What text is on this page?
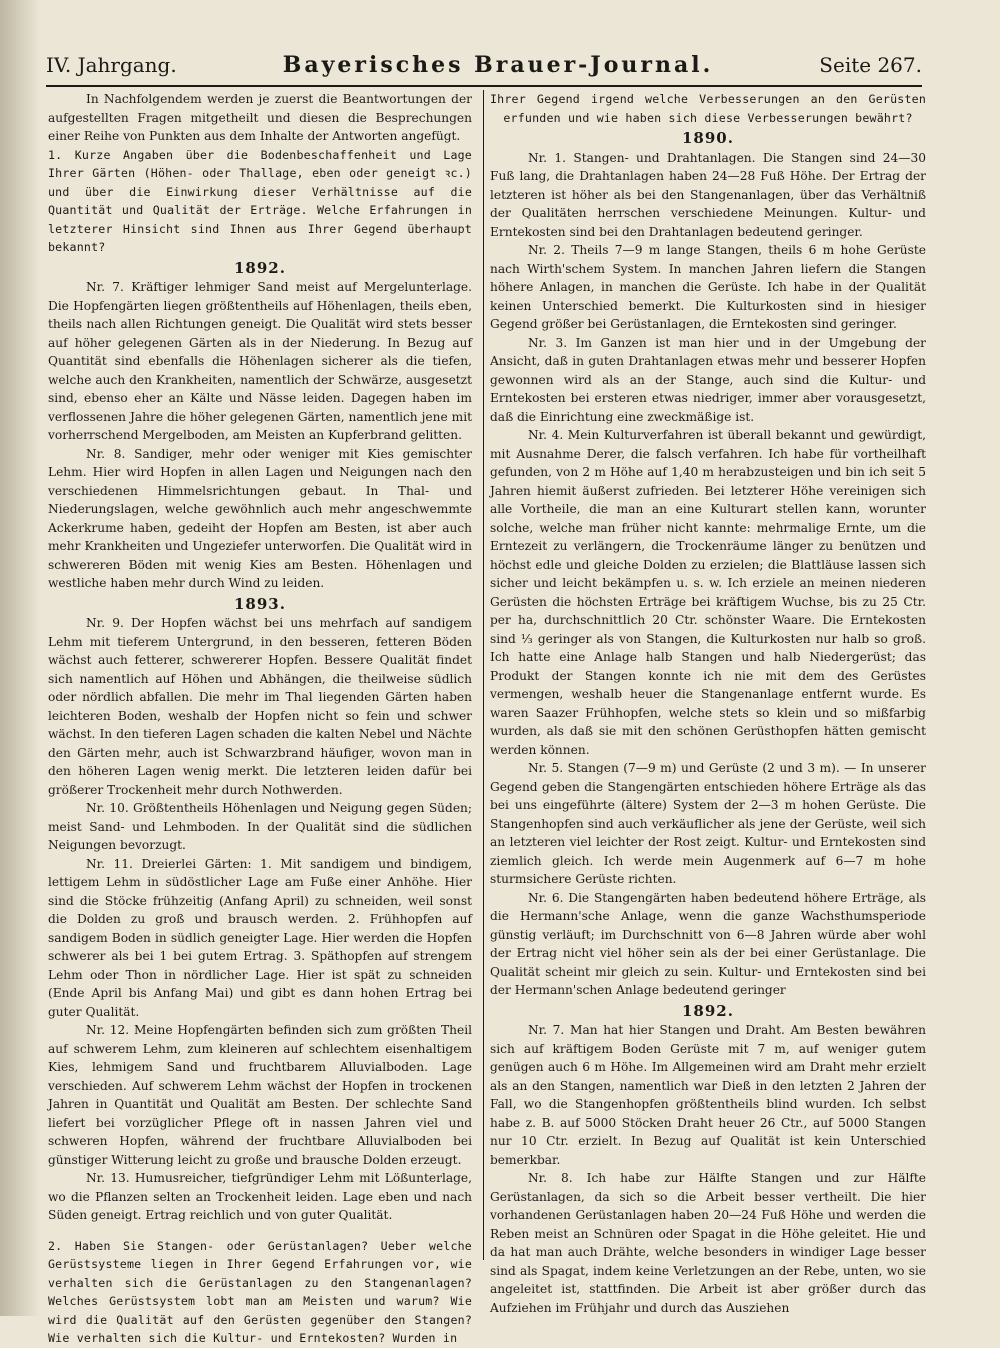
IV. Jahrgang.	Bayerisches Brauer-Journal.	Seite 267.

In Nachfolgendem werden je zuerst die Beantwortungen der aufgestellten Fragen mitgetheilt und diesen die Besprechungen einer Reihe von Punkten aus dem Inhalte der Antworten angefügt.

1. Kurze Angaben über die Bodenbeschaffenheit und Lage Ihrer Gärten (Höhen- oder Thallage, eben oder geneigt ꝛc.) und über die Einwirkung dieser Verhältnisse auf die Quantität und Qualität der Erträge. Welche Erfahrungen in letzterer Hinsicht sind Ihnen aus Ihrer Gegend überhaupt bekannt?

1892.

Nr. 7. Kräftiger lehmiger Sand meist auf Mergelunterlage. Die Hopfengärten liegen größtentheils auf Höhenlagen, theils eben, theils nach allen Richtungen geneigt. Die Qualität wird stets besser auf höher gelegenen Gärten als in der Niederung. In Bezug auf Quantität sind ebenfalls die Höhenlagen sicherer als die tiefen, welche auch den Krankheiten, namentlich der Schwärze, ausgesetzt sind, ebenso eher an Kälte und Nässe leiden. Dagegen haben im verflossenen Jahre die höher gelegenen Gärten, namentlich jene mit vorherrschend Mergelboden, am Meisten an Kupferbrand gelitten.

Nr. 8. Sandiger, mehr oder weniger mit Kies gemischter Lehm. Hier wird Hopfen in allen Lagen und Neigungen nach den verschiedenen Himmelsrichtungen gebaut. In Thal- und Niederungslagen, welche gewöhnlich auch mehr angeschwemmte Ackerkrume haben, gedeiht der Hopfen am Besten, ist aber auch mehr Krankheiten und Ungeziefer unterworfen. Die Qualität wird in schwereren Böden mit wenig Kies am Besten. Höhenlagen und westliche haben mehr durch Wind zu leiden.

1893.

Nr. 9. Der Hopfen wächst bei uns mehrfach auf sandigem Lehm mit tieferem Untergrund, in den besseren, fetteren Böden wächst auch fetterer, schwererer Hopfen. Bessere Qualität findet sich namentlich auf Höhen und Abhängen, die theilweise südlich oder nördlich abfallen. Die mehr im Thal liegenden Gärten haben leichteren Boden, weshalb der Hopfen nicht so fein und schwer wächst. In den tieferen Lagen schaden die kalten Nebel und Nächte den Gärten mehr, auch ist Schwarzbrand häufiger, wovon man in den höheren Lagen wenig merkt. Die letzteren leiden dafür bei größerer Trockenheit mehr durch Nothwerden.

Nr. 10. Größtentheils Höhenlagen und Neigung gegen Süden; meist Sand- und Lehmboden. In der Qualität sind die südlichen Neigungen bevorzugt.

Nr. 11. Dreierlei Gärten: 1. Mit sandigem und bindigem, lettigem Lehm in südöstlicher Lage am Fuße einer Anhöhe. Hier sind die Stöcke frühzeitig (Anfang April) zu schneiden, weil sonst die Dolden zu groß und brausch werden. 2. Frühhopfen auf sandigem Boden in südlich geneigter Lage. Hier werden die Hopfen schwerer als bei 1 bei gutem Ertrag. 3. Späthopfen auf strengem Lehm oder Thon in nördlicher Lage. Hier ist spät zu schneiden (Ende April bis Anfang Mai) und gibt es dann hohen Ertrag bei guter Qualität.

Nr. 12. Meine Hopfengärten befinden sich zum größten Theil auf schwerem Lehm, zum kleineren auf schlechtem eisenhaltigem Kies, lehmigem Sand und fruchtbarem Alluvialboden. Lage verschieden. Auf schwerem Lehm wächst der Hopfen in trockenen Jahren in Quantität und Qualität am Besten. Der schlechte Sand liefert bei vorzüglicher Pflege oft in nassen Jahren viel und schweren Hopfen, während der fruchtbare Alluvialboden bei günstiger Witterung leicht zu große und brausche Dolden erzeugt.

Nr. 13. Humusreicher, tiefgründiger Lehm mit Lößunterlage, wo die Pflanzen selten an Trockenheit leiden. Lage eben und nach Süden geneigt. Ertrag reichlich und von guter Qualität.

2. Haben Sie Stangen- oder Gerüstanlagen? Ueber welche Gerüstsysteme liegen in Ihrer Gegend Erfahrungen vor, wie verhalten sich die Gerüstanlagen zu den Stangenanlagen? Welches Gerüstsystem lobt man am Meisten und warum? Wie wird die Qualität auf den Gerüsten gegenüber den Stangen? Wie verhalten sich die Kultur- und Erntekosten? Wurden in

Ihrer Gegend irgend welche Verbesserungen an den Gerüsten erfunden und wie haben sich diese Verbesserungen bewährt?

1890.

Nr. 1. Stangen- und Drahtanlagen. Die Stangen sind 24—30 Fuß lang, die Drahtanlagen haben 24—28 Fuß Höhe. Der Ertrag der letzteren ist höher als bei den Stangenanlagen, über das Verhältniß der Qualitäten herrschen verschiedene Meinungen. Kultur- und Erntekosten sind bei den Drahtanlagen bedeutend geringer.

Nr. 2. Theils 7—9 m lange Stangen, theils 6 m hohe Gerüste nach Wirth'schem System. In manchen Jahren liefern die Stangen höhere Anlagen, in manchen die Gerüste. Ich habe in der Qualität keinen Unterschied bemerkt. Die Kulturkosten sind in hiesiger Gegend größer bei Gerüstanlagen, die Erntekosten sind geringer.

Nr. 3. Im Ganzen ist man hier und in der Umgebung der Ansicht, daß in guten Drahtanlagen etwas mehr und besserer Hopfen gewonnen wird als an der Stange, auch sind die Kultur- und Erntekosten bei ersteren etwas niedriger, immer aber vorausgesetzt, daß die Einrichtung eine zweckmäßige ist.

Nr. 4. Mein Kulturverfahren ist überall bekannt und gewürdigt, mit Ausnahme Derer, die falsch verfahren. Ich habe für vortheilhaft gefunden, von 2 m Höhe auf 1,40 m herabzusteigen und bin ich seit 5 Jahren hiemit äußerst zufrieden. Bei letzterer Höhe vereinigen sich alle Vortheile, die man an eine Kulturart stellen kann, worunter solche, welche man früher nicht kannte: mehrmalige Ernte, um die Erntezeit zu verlängern, die Trockenräume länger zu benützen und höchst edle und gleiche Dolden zu erzielen; die Blattläuse lassen sich sicher und leicht bekämpfen u. s. w. Ich erziele an meinen niederen Gerüsten die höchsten Erträge bei kräftigem Wuchse, bis zu 25 Ctr. per ha, durchschnittlich 20 Ctr. schönster Waare. Die Erntekosten sind ⅓ geringer als von Stangen, die Kulturkosten nur halb so groß. Ich hatte eine Anlage halb Stangen und halb Niedergerüst; das Produkt der Stangen konnte ich nie mit dem des Gerüstes vermengen, weshalb heuer die Stangenanlage entfernt wurde. Es waren Saazer Frühhopfen, welche stets so klein und so mißfarbig wurden, als daß sie mit den schönen Gerüsthopfen hätten gemischt werden können.

Nr. 5. Stangen (7—9 m) und Gerüste (2 und 3 m). — In unserer Gegend geben die Stangengärten entschieden höhere Erträge als das bei uns eingeführte (ältere) System der 2—3 m hohen Gerüste. Die Stangenhopfen sind auch verkäuflicher als jene der Gerüste, weil sich an letzteren viel leichter der Rost zeigt. Kultur- und Erntekosten sind ziemlich gleich. Ich werde mein Augenmerk auf 6—7 m hohe sturmsichere Gerüste richten.

Nr. 6. Die Stangengärten haben bedeutend höhere Erträge, als die Hermann'sche Anlage, wenn die ganze Wachsthumsperiode günstig verläuft; im Durchschnitt von 6—8 Jahren würde aber wohl der Ertrag nicht viel höher sein als der bei einer Gerüstanlage. Die Qualität scheint mir gleich zu sein. Kultur- und Erntekosten sind bei der Hermann'schen Anlage bedeutend geringer

1892.

Nr. 7. Man hat hier Stangen und Draht. Am Besten bewähren sich auf kräftigem Boden Gerüste mit 7 m, auf weniger gutem genügen auch 6 m Höhe. Im Allgemeinen wird am Draht mehr erzielt als an den Stangen, namentlich war Dieß in den letzten 2 Jahren der Fall, wo die Stangenhopfen größtentheils blind wurden. Ich selbst habe z. B. auf 5000 Stöcken Draht heuer 26 Ctr., auf 5000 Stangen nur 10 Ctr. erzielt. In Bezug auf Qualität ist kein Unterschied bemerkbar.

Nr. 8. Ich habe zur Hälfte Stangen und zur Hälfte Gerüstanlagen, da sich so die Arbeit besser vertheilt. Die hier vorhandenen Gerüstanlagen haben 20—24 Fuß Höhe und werden die Reben meist an Schnüren oder Spagat in die Höhe geleitet. Hie und da hat man auch Drähte, welche besonders in windiger Lage besser sind als Spagat, indem keine Verletzungen an der Rebe, unten, wo sie angeleitet ist, stattfinden. Die Arbeit ist aber größer durch das Aufziehen im Frühjahr und durch das Ausziehen
